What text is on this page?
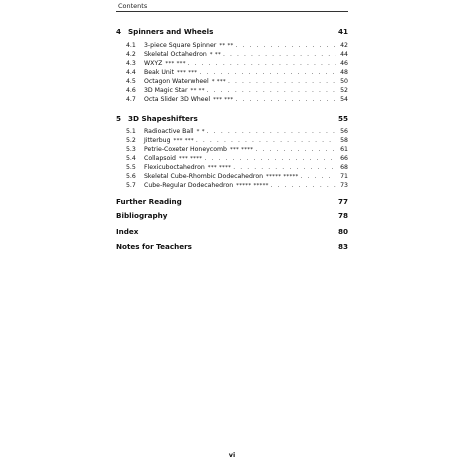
Contents
4 Spinners and Wheels	41
4.1	3-piece Square Spinner ** ** . . .	42
4.2	Skeletal Octahedron * ** . . .	44
4.3	WXYZ *** *** . . .	46
4.4	Beak Unit *** *** . . .	48
4.5	Octagon Waterwheel * *** . . .	50
4.6	3D Magic Star ** ** . . .	52
4.7	Octa Slider 3D Wheel *** *** . . .	54
5 3D Shapeshifters	55
5.1	Radioactive Ball * * . . .	56
5.2	Jitterbug *** *** . . .	58
5.3	Petrie-Coxeter Honeycomb *** **** . . .	61
5.4	Collapsoid *** **** . . .	66
5.5	Flexicuboctahedron *** **** . . .	68
5.6	Skeletal Cube-Rhombic Dodecahedron ***** ***** . . .	71
5.7	Cube-Regular Dodecahedron ***** ***** . . .	73
Further Reading	77
Bibliography	78
Index	80
Notes for Teachers	83
vi
